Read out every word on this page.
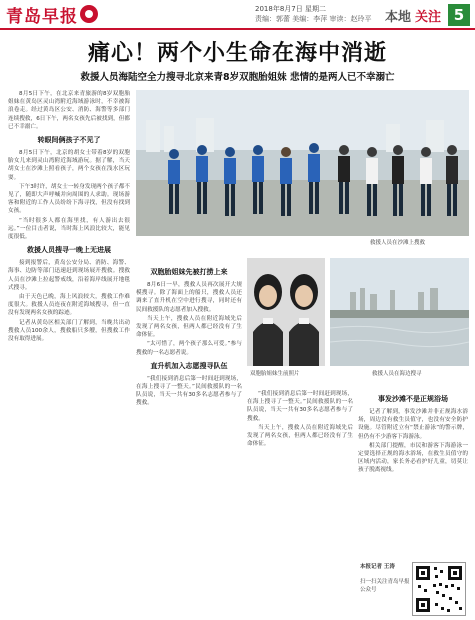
青岛早报	2018年8月7日 星期二
责编：郭蕾 美编：李萍 审读：赵玲平 本地 关注 5
痛心！两个小生命在海中消逝
救援人员海陆空全力搜寻北京来青8岁双胞胎姐妹 悲情的是两人已不幸溺亡

8月5日下午，在北京来青旅游的8岁双胞胎姐妹在黄岛区灵山湾附近海域游泳时，不幸被海浪卷走。经过黄岛区公安、消防、海警等多部门连续搜救，6日下午，两名女孩先后被找到，但都已不幸溺亡。

转眼间俩孩子不见了

8月5日下午，北京的胡女士带着8岁的双胞胎女儿来到灵山湾附近海域游玩。据了解，当天胡女士在沙滩上照看孩子，两个女孩在浅水区玩耍。

下午3时许，胡女士一转身发现两个孩子都不见了，随即大声呼喊并向周围的人求助。现场游客和附近的工作人员纷纷下海寻找，但没有找到女孩。

“当时很多人都在海里找，有人游出去很远。”一位目击者说，当时海上风浪比较大，能见度很低。

救援人员搜寻一晚上无进展

接到报警后，黄岛公安分局、消防、海警、海事、边防等部门迅速赶到现场展开搜救。搜救人员在沙滩上拉起警戒线，沿着海岸线展开地毯式搜寻。

由于天色已晚，海上风浪较大，搜救工作难度很大。救援人员连夜在附近海域搜寻，但一直没有发现两名女孩的踪迹。

记者从黄岛区相关部门了解到，当晚共出动搜救人员100余人，搜救船只多艘，但搜救工作没有取得进展。

救援人员在沙滩上搜救
双胞胎姐妹先被打捞上来

8月6日一早，搜救人员再次展开大规模搜寻。除了海面上的船只，搜救人员还调来了直升机在空中进行搜寻，同时还有民间救援队的志愿者加入搜救。

当天上午，搜救人员在附近海域先后发现了两名女孩，但两人都已经没有了生命体征。

“太可惜了，两个孩子那么可爱。”参与搜救的一名志愿者说。

直升机加入志愿搜寻队伍

“我们接到消息后第一时间赶到现场，在海上搜寻了一整天。”民间救援队的一名队员说，当天一共有30多名志愿者参与了搜救。

双胞胎姐妹生前照片	救援人员在海边搜寻

“我们接到消息后第一时间赶到现场，在海上搜寻了一整天。”民间救援队的一名队员说，当天一共有30多名志愿者参与了搜救。

当天上午，搜救人员在附近海域先后发现了两名女孩，但两人都已经没有了生命体征。

事发沙滩不是正规浴场

记者了解到，事发沙滩并非正规海水浴场，周边没有救生员值守，也没有安全防护设施。尽管附近立有“禁止游泳”的警示牌，但仍有不少游客下海游泳。

相关部门提醒，市民和游客下海游泳一定要选择正规的海水浴场，在救生员值守的区域内活动，家长务必看护好儿童，切莫让孩子脱离视线。

本报记者 王涛
扫一扫关注青岛早报公众号
